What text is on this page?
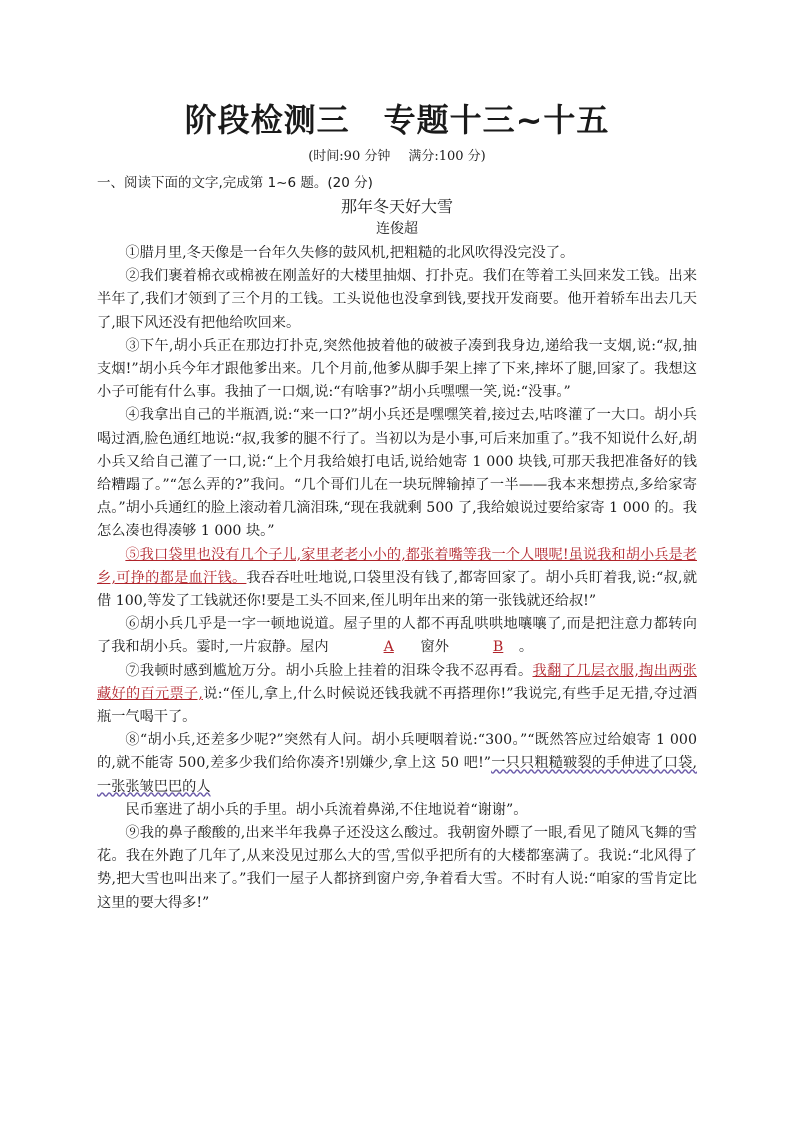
阶段检测三 专题十三~十五
(时间:90 分钟 满分:100 分)
一、阅读下面的文字,完成第 1~6 题。(20 分)
那年冬天好大雪
连俊超

①腊月里,冬天像是一台年久失修的鼓风机,把粗糙的北风吹得没完没了。

②我们裹着棉衣或棉被在刚盖好的大楼里抽烟、打扑克。我们在等着工头回来发工钱。出来半年了,我们才领到了三个月的工钱。工头说他也没拿到钱,要找开发商要。他开着轿车出去几天了,眼下风还没有把他给吹回来。

③下午,胡小兵正在那边打扑克,突然他披着他的破被子凑到我身边,递给我一支烟,说:“叔,抽支烟!”胡小兵今年才跟他爹出来。几个月前,他爹从脚手架上摔了下来,摔坏了腿,回家了。我想这小子可能有什么事。我抽了一口烟,说:“有啥事?”胡小兵嘿嘿一笑,说:“没事。”

④我拿出自己的半瓶酒,说:“来一口?”胡小兵还是嘿嘿笑着,接过去,咕咚灌了一大口。胡小兵喝过酒,脸色通红地说:“叔,我爹的腿不行了。当初以为是小事,可后来加重了。”我不知说什么好,胡小兵又给自己灌了一口,说:“上个月我给娘打电话,说给她寄 1 000 块钱,可那天我把准备好的钱给糟蹋了。”“怎么弄的?”我问。“几个哥们儿在一块玩牌输掉了一半——我本来想捞点,多给家寄点。”胡小兵通红的脸上滚动着几滴泪珠,“现在我就剩 500 了,我给娘说过要给家寄 1 000 的。我怎么凑也得凑够 1 000 块。”

⑤我口袋里也没有几个子儿,家里老老小小的,都张着嘴等我一个人喂呢!虽说我和胡小兵是老乡,可挣的都是血汗钱。我吞吞吐吐地说,口袋里没有钱了,都寄回家了。胡小兵盯着我,说:“叔,就借 100,等发了工钱就还你!要是工头不回来,侄儿明年出来的第一张钱就还给叔!”

⑥胡小兵几乎是一字一顿地说道。屋子里的人都不再乱哄哄地嚷嚷了,而是把注意力都转向了我和胡小兵。霎时,一片寂静。屋内	A 窗外	B 。

⑦我顿时感到尴尬万分。胡小兵脸上挂着的泪珠令我不忍再看。我翻了几层衣服,掏出两张藏好的百元票子,说:“侄儿,拿上,什么时候说还钱我就不再搭理你!”我说完,有些手足无措,夺过酒瓶一气喝干了。

⑧“胡小兵,还差多少呢?”突然有人问。胡小兵哽咽着说:“300。”“既然答应过给娘寄 1 000 的,就不能寄 500,差多少我们给你凑齐!别嫌少,拿上这 50 吧!”一只只粗糙皲裂的手伸进了口袋,一张张皱巴巴的人

民币塞进了胡小兵的手里。胡小兵流着鼻涕,不住地说着“谢谢”。

⑨我的鼻子酸酸的,出来半年我鼻子还没这么酸过。我朝窗外瞟了一眼,看见了随风飞舞的雪花。我在外跑了几年了,从来没见过那么大的雪,雪似乎把所有的大楼都塞满了。我说:“北风得了势,把大雪也叫出来了。”我们一屋子人都挤到窗户旁,争着看大雪。不时有人说:“咱家的雪肯定比这里的要大得多!”
